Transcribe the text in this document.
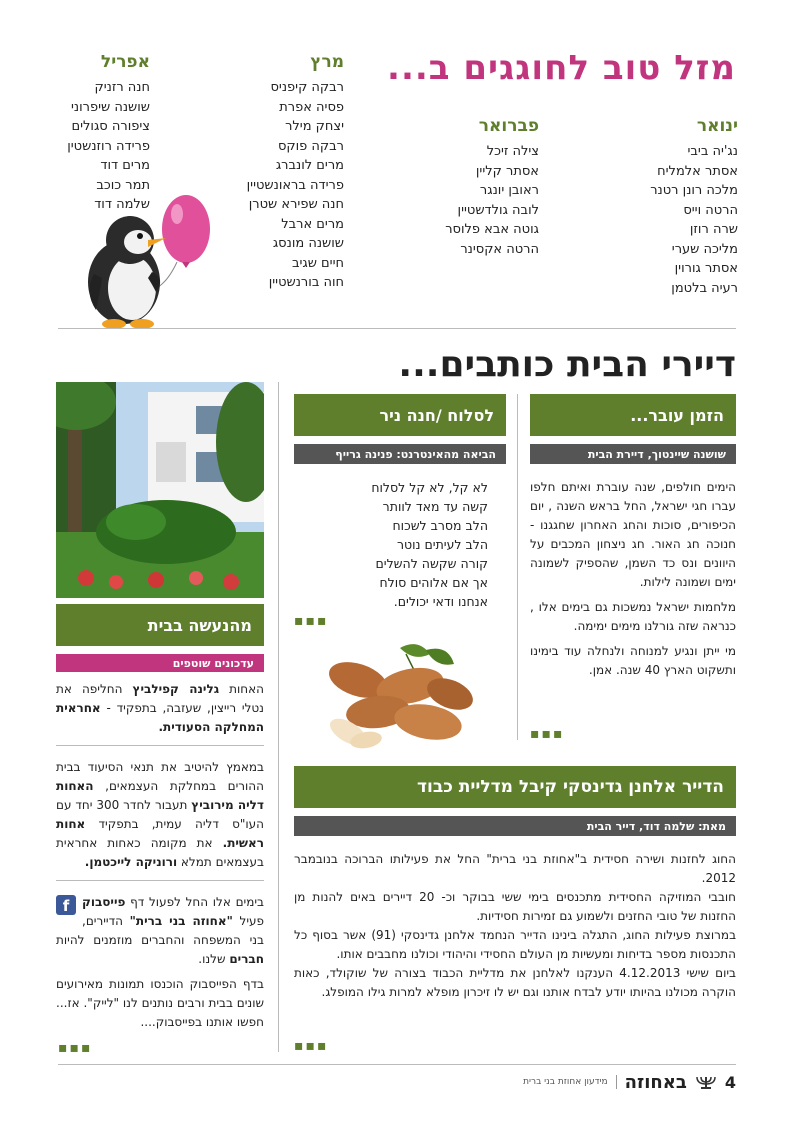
מזל טוב לחוגגים ב...
ינואר
נג'יה ביבי
אסתר אלמליח
מלכה רונן רטנר
הרטה וייס
שרה רוזן
מליכה שערי
אסתר גורוין
רעיה בלטמן
פברואר
צילה זיכל
אסתר קליין
ראובן יונגר
לובה גולדשטיין
גוטה אבא פלוסר
הרטה אקסינר
מרץ
רבקה קיפניס
פסיה אפרת
יצחק מילר
רבקה פוקס
מרים לונברג
פרידה בראונשטיין
חנה שפירא שטרן
מרים ארבל
שושנה מונסג
חיים שגיב
חוה בורנשטיין
אפריל
חנה רזניק
שושנה שיפרוני
ציפורה סגולים
פרידה רוזנשטין
מרים דוד
תמר כוכב
שלמה דוד
דיירי הבית כותבים...
הזמן עובר...
שושנה שיינטוך, דיירת הבית

הימים חולפים, שנה עוברת ואיתם חלפו עברו חגי ישראל, החל בראש השנה , יום הכיפורים, סוכות והחג האחרון שחגגנו - חנוכה חג האור. חג ניצחון המכבים על היוונים ונס כד השמן, שהספיק לשמונה ימים ושמונה לילות.

מלחמות ישראל נמשכות גם בימים אלו , כנראה שזה גורלנו מימים ימימה.

מי ייתן ונגיע למנוחה ולנחלה עוד בימינו ותשקוט הארץ 40 שנה. אמן.

▪▪▪
לסלוח /חנה ניר
הביאה מהאינטרנט: פנינה גרייף
לא קל, לא קל לסלוח
קשה עד מאד לוותר
הלב מסרב לשכוח
הלב לעיתים נוטר
קורה שקשה להשלים
אך אם אלוהים סולח
אנחנו ודאי יכולים.
▪▪▪
מהנעשה בבית
עדכונים שוטפים

האחות גלינה קפילביץ החליפה את נטלי רייצין, שעזבה, בתפקיד - אחראית המחלקה הסעודית.

במאמץ להיטיב את תנאי הסיעוד בבית ההורים במחלקת העצמאים, האחות דליה מירוביץ תעבור לחדר 300 יחד עם העו"ס דליה עמית, בתפקיד אחות ראשית. את מקומה כאחות אחראית בעצמאים תמלא ורוניקה לייכטמן.

f	בימים אלו החל לפעול דף פייסבוק פעיל "אחוזה בני ברית" הדיירים, בני המשפחה והחברים מוזמנים להיות חברים שלנו.

בדף הפייסבוק הוכנסו תמונות מאירועים שונים בבית ורבים נותנים לנו "לייק". אז... חפשו אותנו בפייסבוק....

▪▪▪
הדייר אלחנן גדינסקי קיבל מדליית כבוד
מאת: שלמה דוד, דייר הבית

החוג לחזנות ושירה חסידית ב"אחוזת בני ברית" החל את פעילותו הברוכה בנובמבר 2012.

חובבי המוזיקה החסידית מתכנסים בימי ששי בבוקר וכ- 20 דיירים באים להנות מן החזנות של טובי החזנים ולשמוע גם זמירות חסידיות.

במרוצת פעילות החוג, התגלה בינינו הדייר הנחמד אלחנן גדינסקי (91) אשר בסוף כל התכנסות מספר בדיחות ומעשיות מן העולם החסידי והיהודי וכולנו מחבבים אותו.

ביום שישי 4.12.2013 הענקנו לאלחנן את מדליית הכבוד בצורה של שוקולד, כאות הוקרה מכולנו בהיותו יודע לבדח אותנו וגם יש לו זיכרון מופלא למרות גילו המופלג.

▪▪▪
4
באחוזה
מידעון אחוזת בני ברית
